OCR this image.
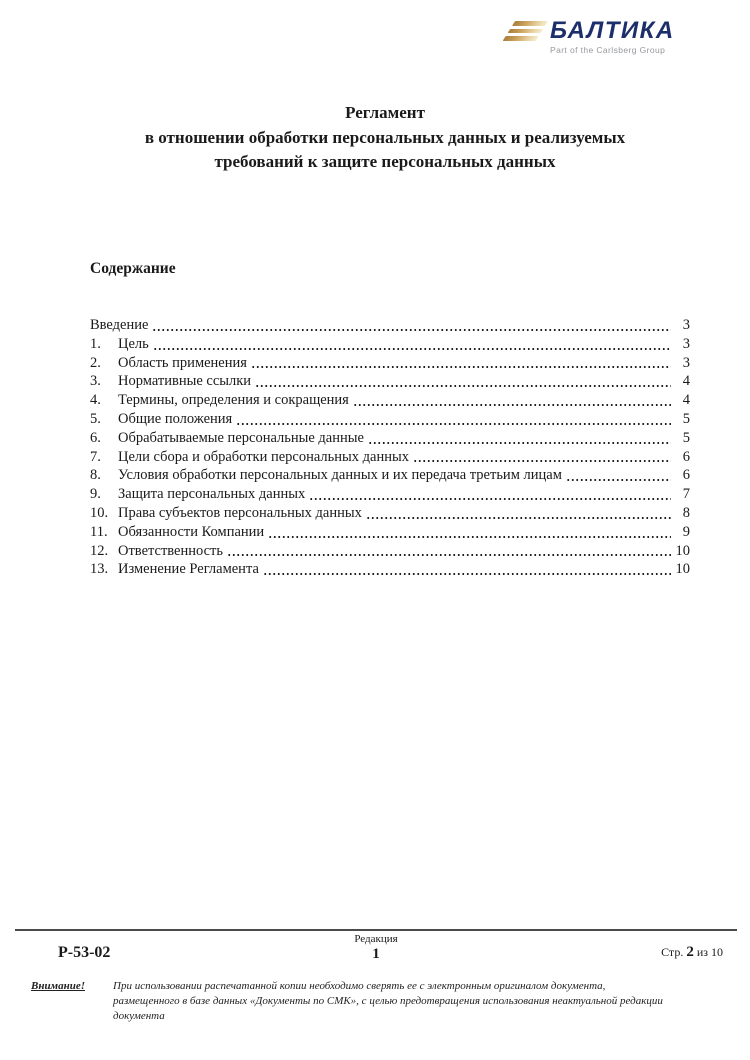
БАЛТИКА
Part of the Carlsberg Group
Регламент
в отношении обработки персональных данных и реализуемых
требований к защите персональных данных
Содержание
Введение	3
1.	Цель	3
2.	Область применения	3
3.	Нормативные ссылки	4
4.	Термины, определения и сокращения	4
5.	Общие положения	5
6.	Обрабатываемые персональные данные	5
7.	Цели сбора и обработки персональных данных	6
8.	Условия обработки персональных данных и их передача третьим лицам	6
9.	Защита персональных данных	7
10. Права субъектов персональных данных	8
11. Обязанности Компании	9
12. Ответственность	10
13. Изменение Регламента	10
Р-53-02
Редакция
1	Стр. 2 из 10
Внимание!	При использовании распечатанной копии необходимо сверять ее с электронным оригиналом документа, размещенного в базе данных «Документы по СМК», с целью предотвращения использования неактуальной редакции документа
